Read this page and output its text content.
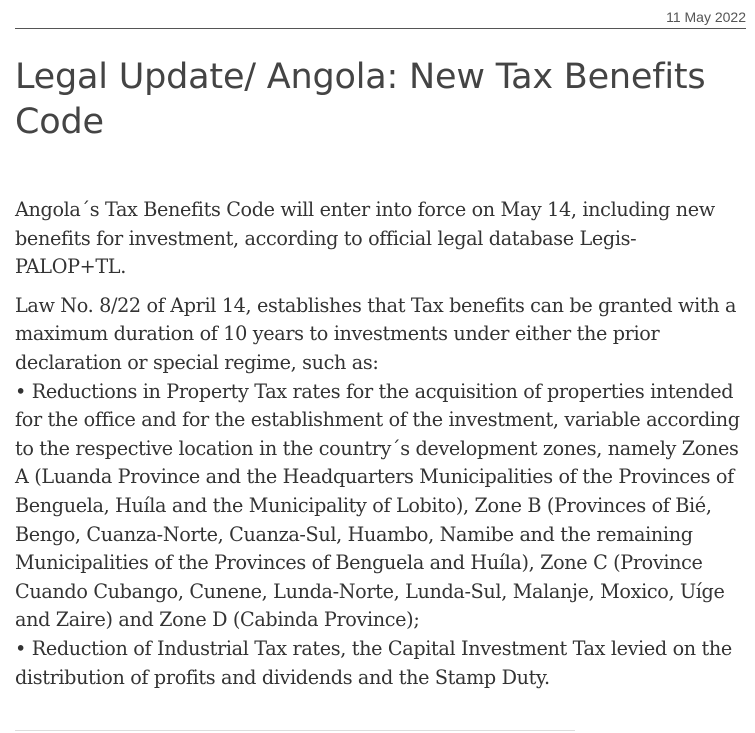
11 May 2022
Legal Update/ Angola: New Tax Benefits Code

Angola´s Tax Benefits Code will enter into force on May 14, including new benefits for investment, according to official legal database Legis-PALOP+TL.

Law No. 8/22 of April 14, establishes that Tax benefits can be granted with a maximum duration of 10 years to investments under either the prior declaration or special regime, such as:
• Reductions in Property Tax rates for the acquisition of properties intended for the office and for the establishment of the investment, variable according to the respective location in the country´s development zones, namely Zones A (Luanda Province and the Headquarters Municipalities of the Provinces of Benguela, Huíla and the Municipality of Lobito), Zone B (Provinces of Bié, Bengo, Cuanza-Norte, Cuanza-Sul, Huambo, Namibe and the remaining Municipalities of the Provinces of Benguela and Huíla), Zone C (Province Cuando Cubango, Cunene, Lunda-Norte, Lunda-Sul, Malanje, Moxico, Uíge and Zaire) and Zone D (Cabinda Province);
• Reduction of Industrial Tax rates, the Capital Investment Tax levied on the distribution of profits and dividends and the Stamp Duty.
